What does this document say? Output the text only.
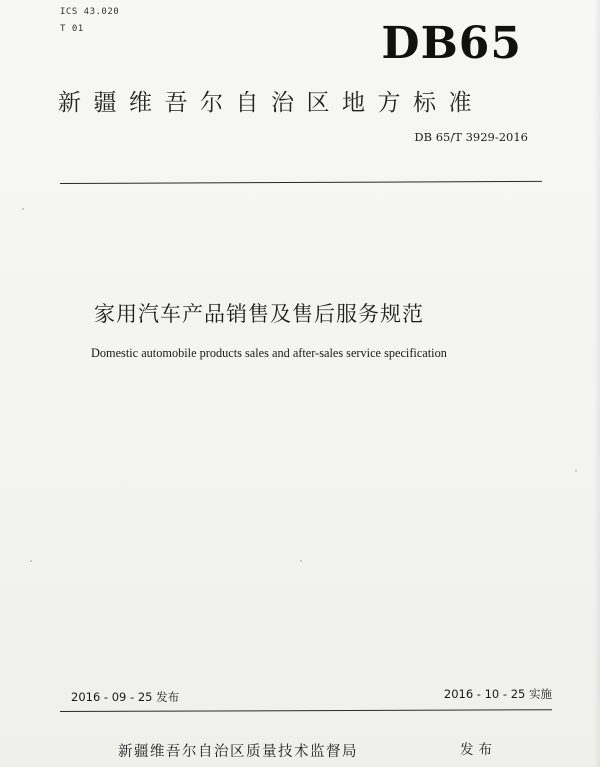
ICS 43.020
T 01	DB65
新疆维吾尔自治区地方标准
DB 65/T 3929-2016
家用汽车产品销售及售后服务规范
Domestic automobile products sales and after-sales service specification
2016 - 09 - 25 发布	2016 - 10 - 25 实施
新疆维吾尔自治区质量技术监督局	发布
